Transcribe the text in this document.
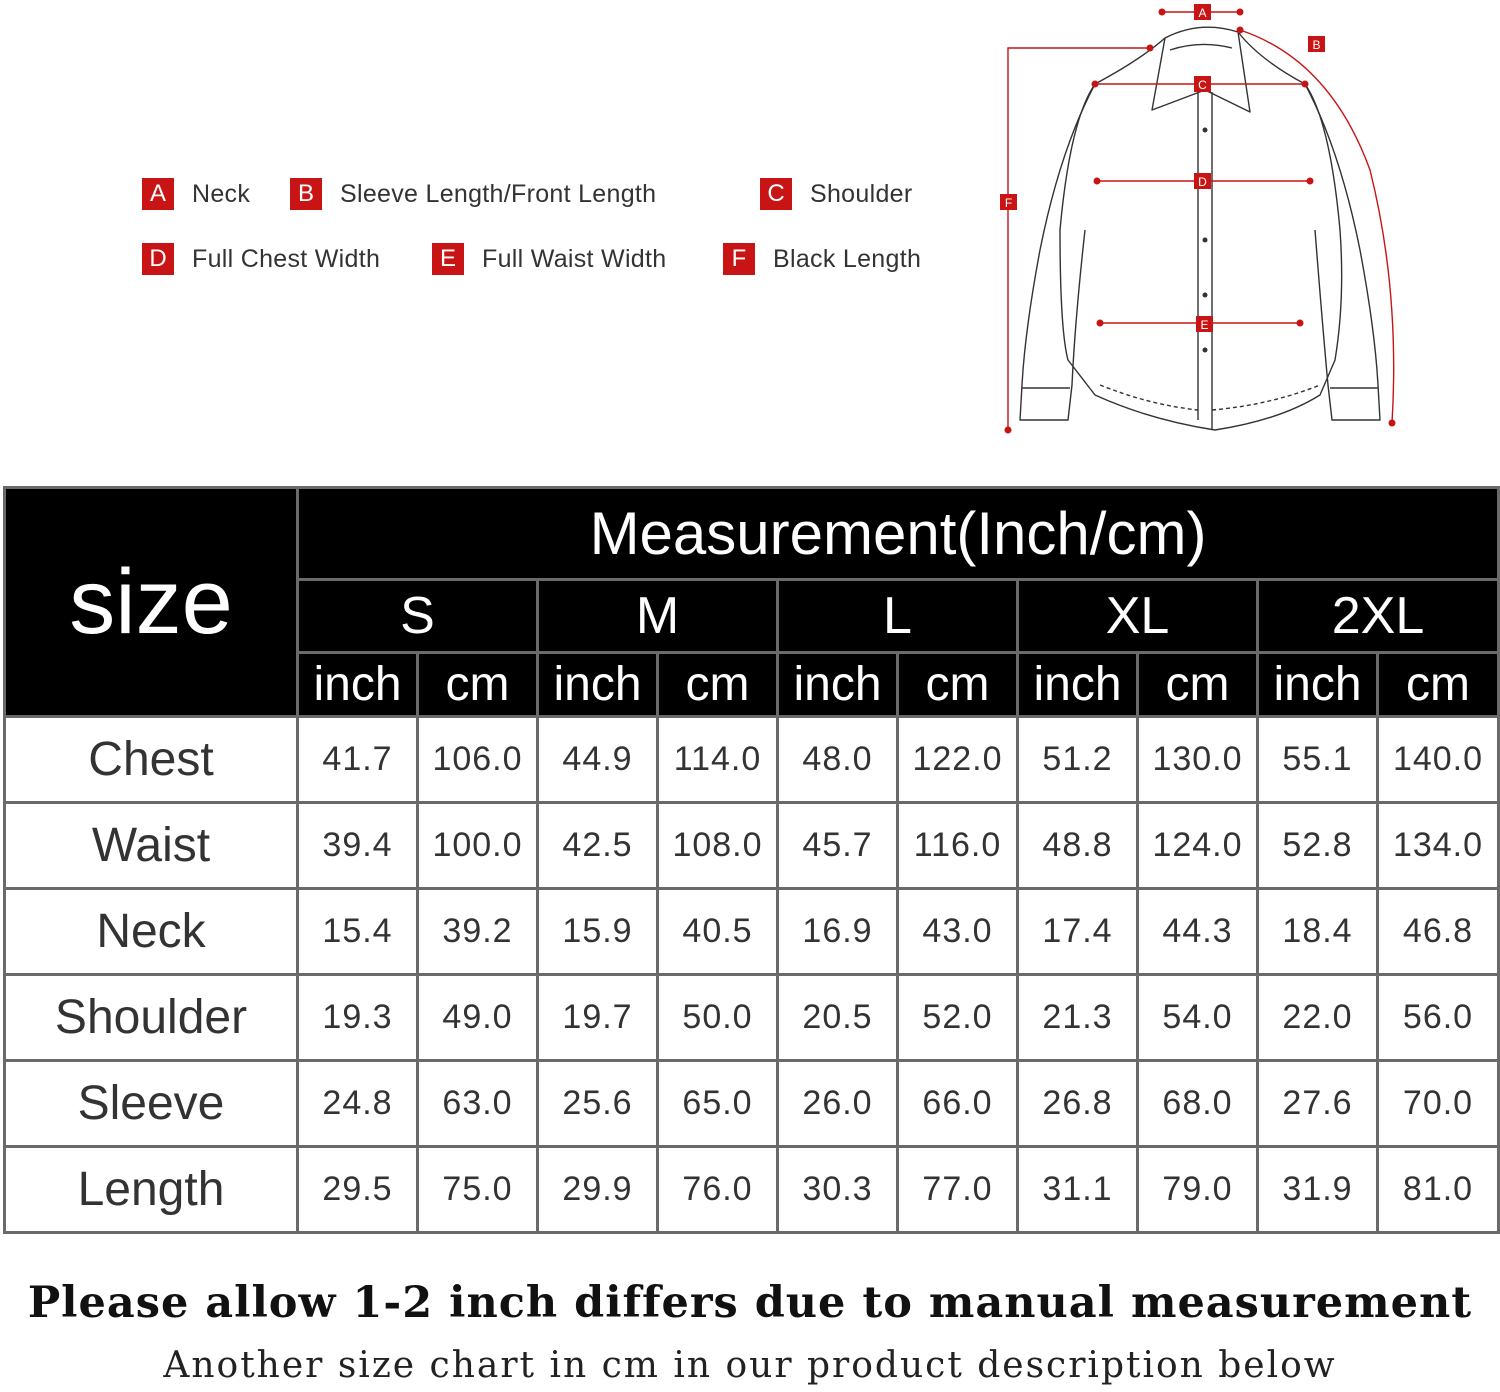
A	Neck	B	Sleeve Length/Front Length	C Shoulder
D Full Chest Width	E	Full Waist Width	F	Black Length
A
B
C
D
E
F
size	Measurement(Inch/cm)									
	S		M		L		XL		2XL	
	inch	cm	inch	cm	inch	cm	inch	cm	inch	cm
Chest	41.7	106.0	44.9	114.0	48.0	122.0	51.2	130.0	55.1	140.0
Waist	39.4	100.0	42.5	108.0	45.7	116.0	48.8	124.0	52.8	134.0
Neck	15.4	39.2	15.9	40.5	16.9	43.0	17.4	44.3	18.4	46.8
Shoulder	19.3	49.0	19.7	50.0	20.5	52.0	21.3	54.0	22.0	56.0
Sleeve	24.8	63.0	25.6	65.0	26.0	66.0	26.8	68.0	27.6	70.0
Length	29.5	75.0	29.9	76.0	30.3	77.0	31.1	79.0	31.9	81.0
Please allow 1-2 inch differs due to manual measurement
Another size chart in cm in our product description below
